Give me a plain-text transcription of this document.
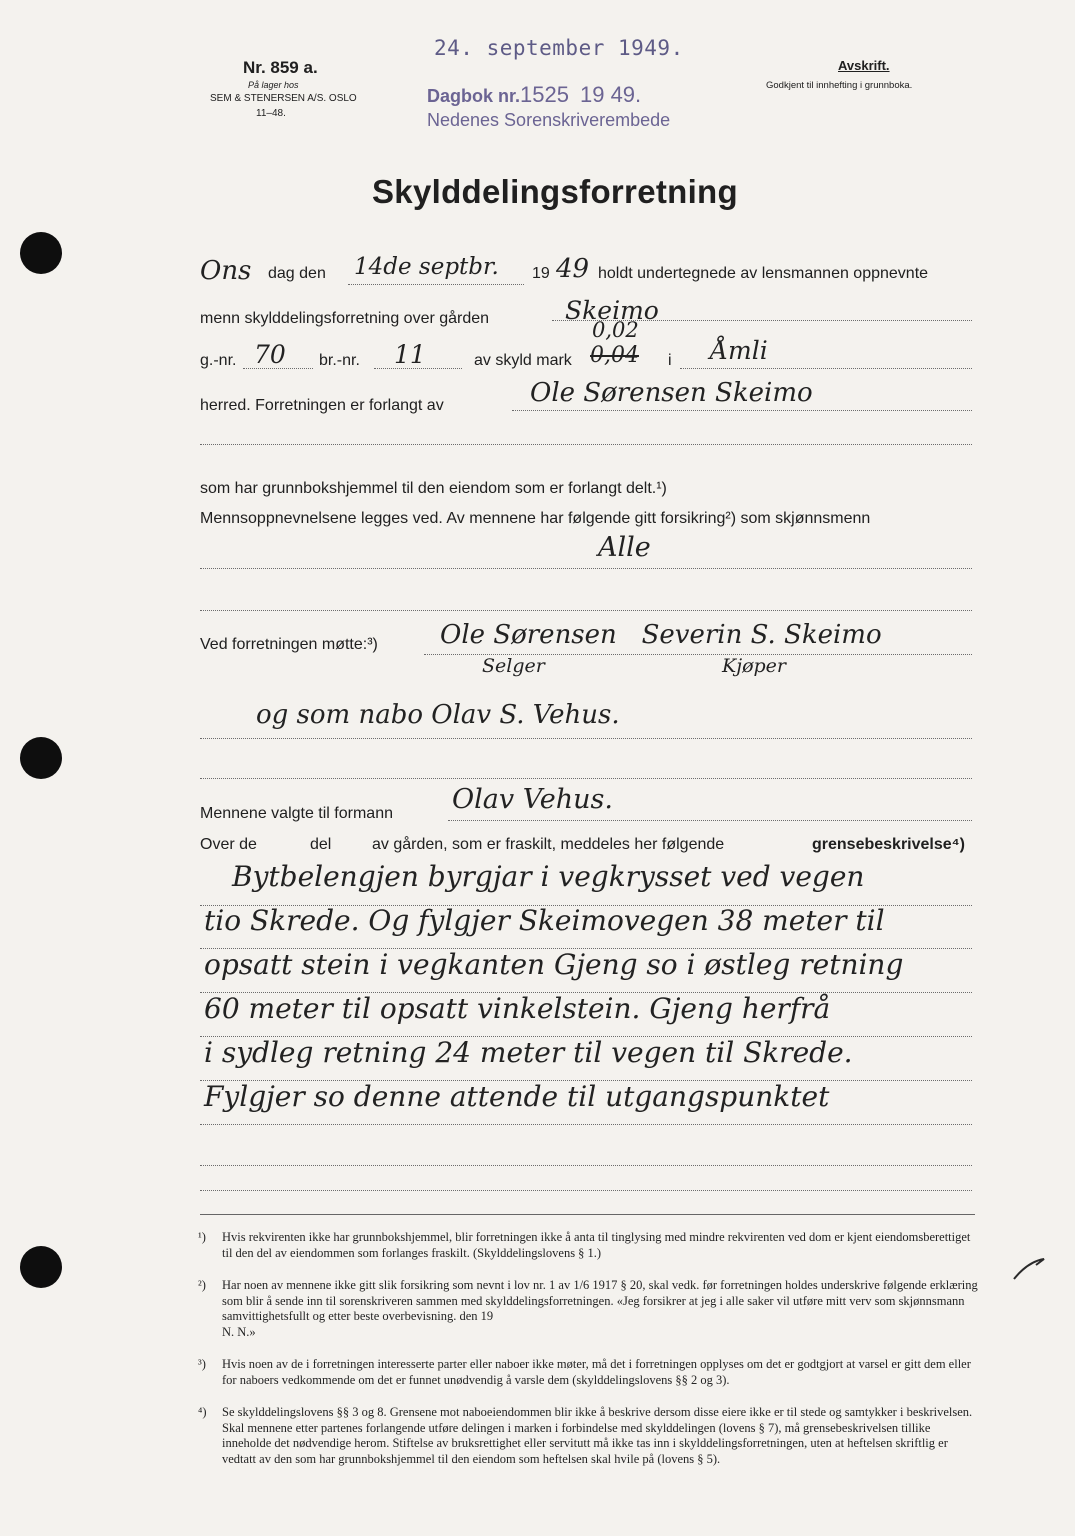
Nr. 859 a.
På lager hos
SEM & STENERSEN A/S. OSLO
11–48.
24. september 1949.
Dagbok nr.1525 19 49.
Nedenes Sorenskriverembede
Avskrift.
Godkjent til innhefting i grunnboka.
Skylddelingsforretning
Ons dag den 14de septbr. 19 49 holdt undertegnede av lensmannen oppnevnte
menn skylddelingsforretning over gården	Skeimo
g.-nr. 70 br.-nr. 11	av skyld mark
0,02
0,04 i Åmli
herred. Forretningen er forlangt av	Ole Sørensen Skeimo
som har grunnbokshjemmel til den eiendom som er forlangt delt.¹)
Mennsoppnevnelsene legges ved. Av mennene har følgende gitt forsikring²) som skjønnsmenn
Alle
Ved forretningen møtte:³) Ole Sørensen   Severin S. Skeimo
Selger	Kjøper
og som nabo Olav S. Vehus.
Mennene valgte til formann Olav Vehus.
Over de	del	av gården, som er fraskilt, meddeles her følgende	grensebeskrivelse⁴)
Bytbelengjen byrgjar i vegkrysset ved vegen
tio Skrede. Og fylgjer Skeimovegen 38 meter til
opsatt stein i vegkanten Gjeng so i østleg retning
60 meter til opsatt vinkelstein. Gjeng herfrå
i sydleg retning 24 meter til vegen til Skrede.
Fylgjer so denne attende til utgangspunktet
¹) Hvis rekvirenten ikke har grunnbokshjemmel, blir forretningen ikke å anta til tinglysing med mindre rekvirenten ved dom er kjent eiendomsberettiget til den del av eiendommen som forlanges fraskilt. (Skylddelingslovens § 1.)
²) Har noen av mennene ikke gitt slik forsikring som nevnt i lov nr. 1 av 1/6 1917 § 20, skal vedk. før forretningen holdes underskrive følgende erklæring som blir å sende inn til sorenskriveren sammen med skylddelingsforretningen. «Jeg forsikrer at jeg i alle saker vil utføre mitt verv som skjønnsmann samvittighetsfullt og etter beste overbevisning. den 19
N. N.»
³) Hvis noen av de i forretningen interesserte parter eller naboer ikke møter, må det i forretningen opplyses om det er godtgjort at varsel er gitt dem eller for naboers vedkommende om det er funnet unødvendig å varsle dem (skylddelingslovens §§ 2 og 3).
⁴) Se skylddelingslovens §§ 3 og 8. Grensene mot naboeiendommen blir ikke å beskrive dersom disse eiere ikke er til stede og samtykker i beskrivelsen. Skal mennene etter partenes forlangende utføre delingen i marken i forbindelse med skylddelingen (lovens § 7), må grensebeskrivelsen tillike inneholde det nødvendige herom. Stiftelse av bruksrettighet eller servitutt må ikke tas inn i skylddelingsforretningen, uten at heftelsen skriftlig er vedtatt av den som har grunnbokshjemmel til den eiendom som heftelsen skal hvile på (lovens § 5).
